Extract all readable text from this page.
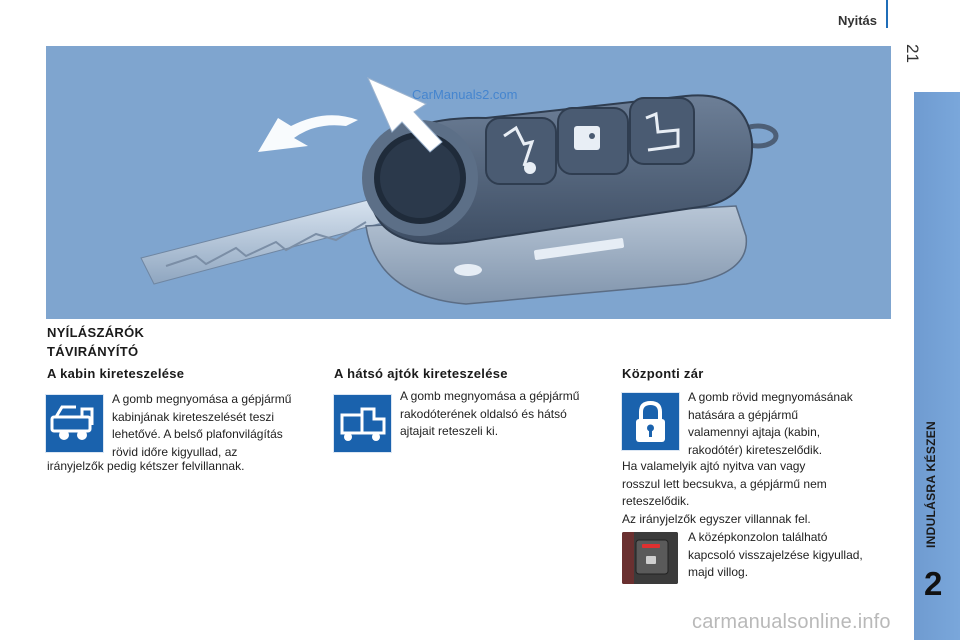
Nyitás
21
INDULÁSRA KÉSZEN
2
CarManuals2.com
NYÍLÁSZÁRÓK
TÁVIRÁNYÍTÓ
A kabin kireteszelése
A gomb megnyomása a gépjármű
kabinjának kireteszelését teszi
lehetővé. A belső plafonvilágítás
rövid időre kigyullad, az
irányjelzők pedig kétszer felvillannak.
A hátsó ajtók kireteszelése
A gomb megnyomása a gépjármű
rakodóterének oldalsó és hátsó
ajtajait reteszeli ki.
Központi zár
A gomb rövid megnyomásának
hatására a gépjármű
valamennyi ajtaja (kabin,
rakodótér) kireteszelődik.
Ha valamelyik ajtó nyitva van vagy
rosszul lett becsukva, a gépjármű nem
reteszelődik.
Az irányjelzők egyszer villannak fel.
A középkonzolon található
kapcsoló visszajelzése kigyullad,
majd villog.
carmanualsonline.info
